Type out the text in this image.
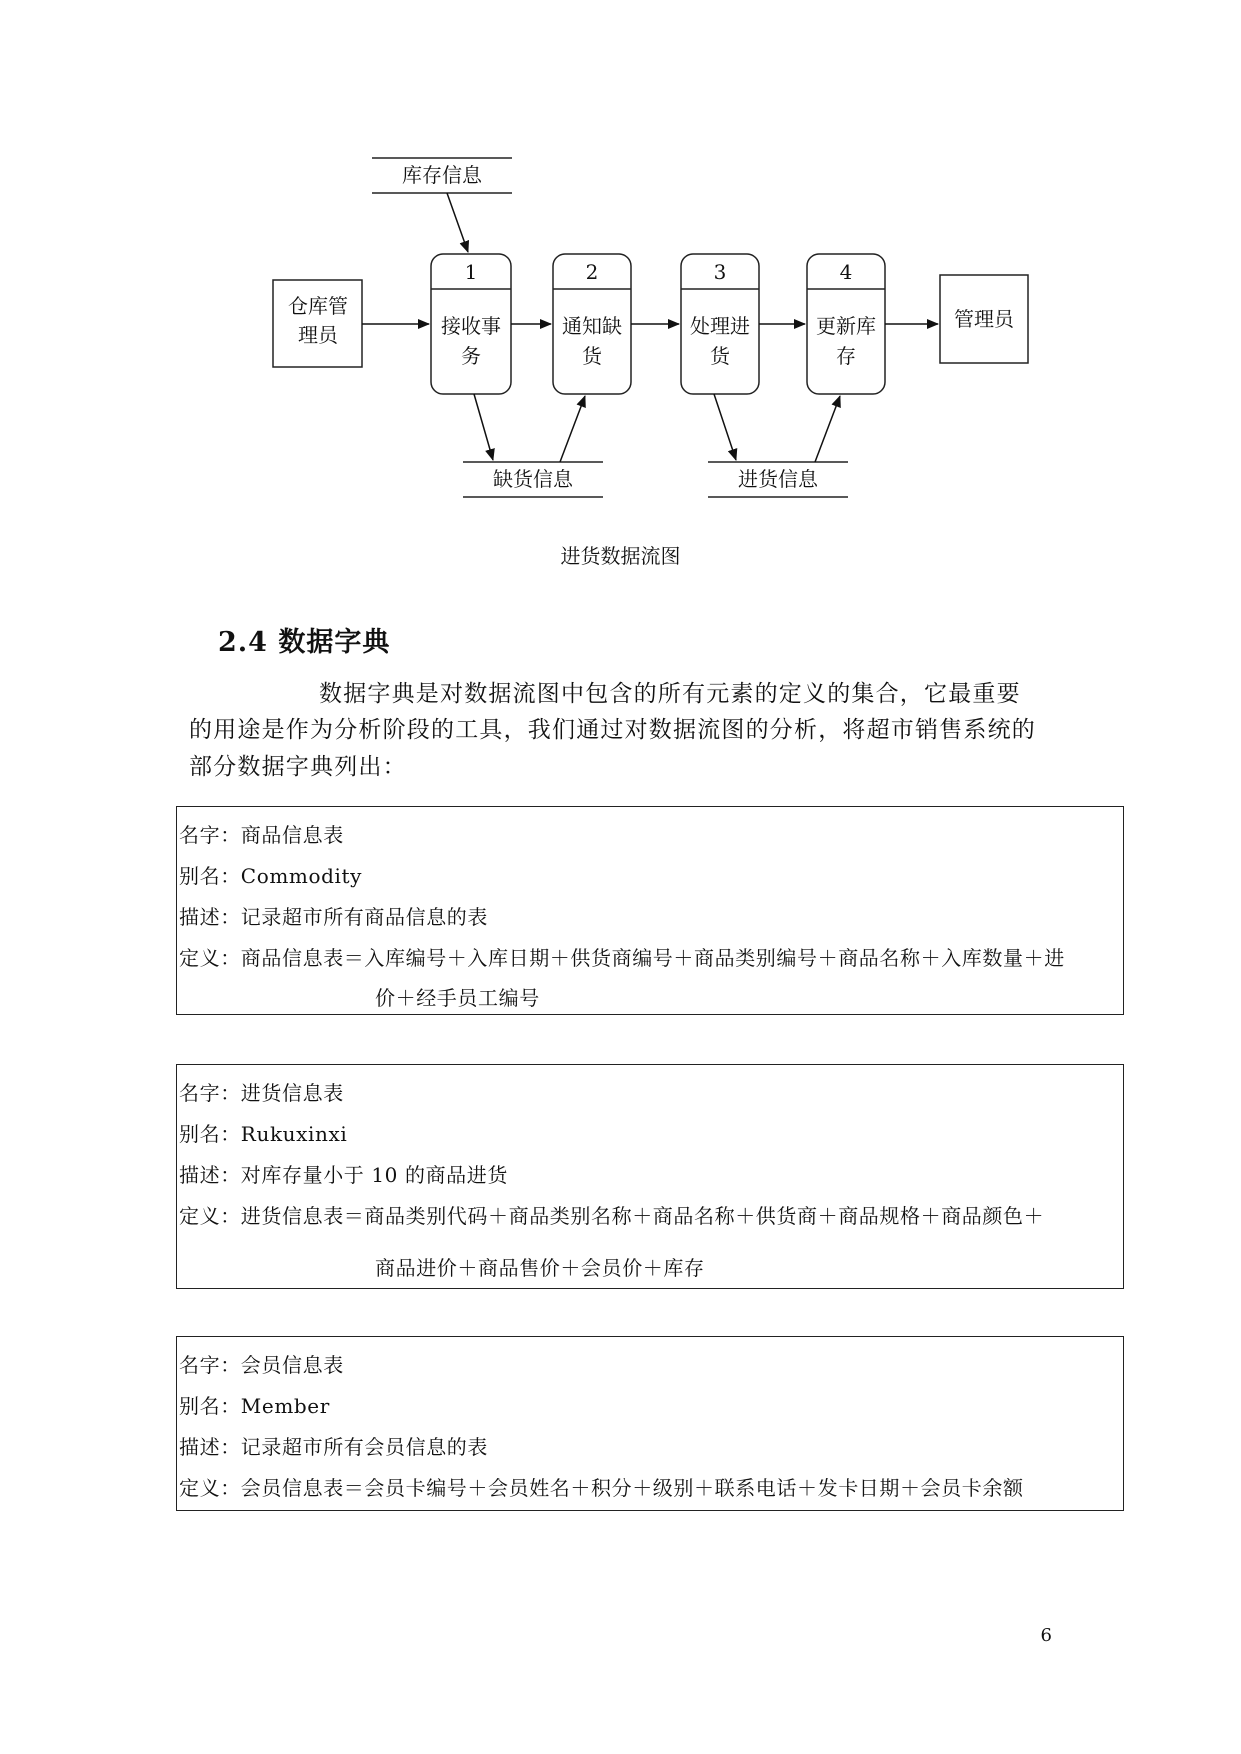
库存信息
仓库管
理员
1
接收事
务
2
通知缺
货
3
处理进
货
4
更新库
存
管理员
缺货信息	进货信息
进货数据流图
2.4 数据字典
数据字典是对数据流图中包含的所有元素的定义的集合，它最重要
的用途是作为分析阶段的工具，我们通过对数据流图的分析，将超市销售系统的
部分数据字典列出：
名字：商品信息表
别名：Commodity
描述：记录超市所有商品信息的表
定义：商品信息表＝入库编号＋入库日期＋供货商编号＋商品类别编号＋商品名称＋入库数量＋进
价＋经手员工编号
名字：进货信息表
别名：Rukuxinxi
描述：对库存量小于 10 的商品进货
定义：进货信息表＝商品类别代码＋商品类别名称＋商品名称＋供货商＋商品规格＋商品颜色＋
商品进价＋商品售价＋会员价＋库存
名字：会员信息表
别名：Member
描述：记录超市所有会员信息的表
定义：会员信息表＝会员卡编号＋会员姓名＋积分＋级别＋联系电话＋发卡日期＋会员卡余额
6
